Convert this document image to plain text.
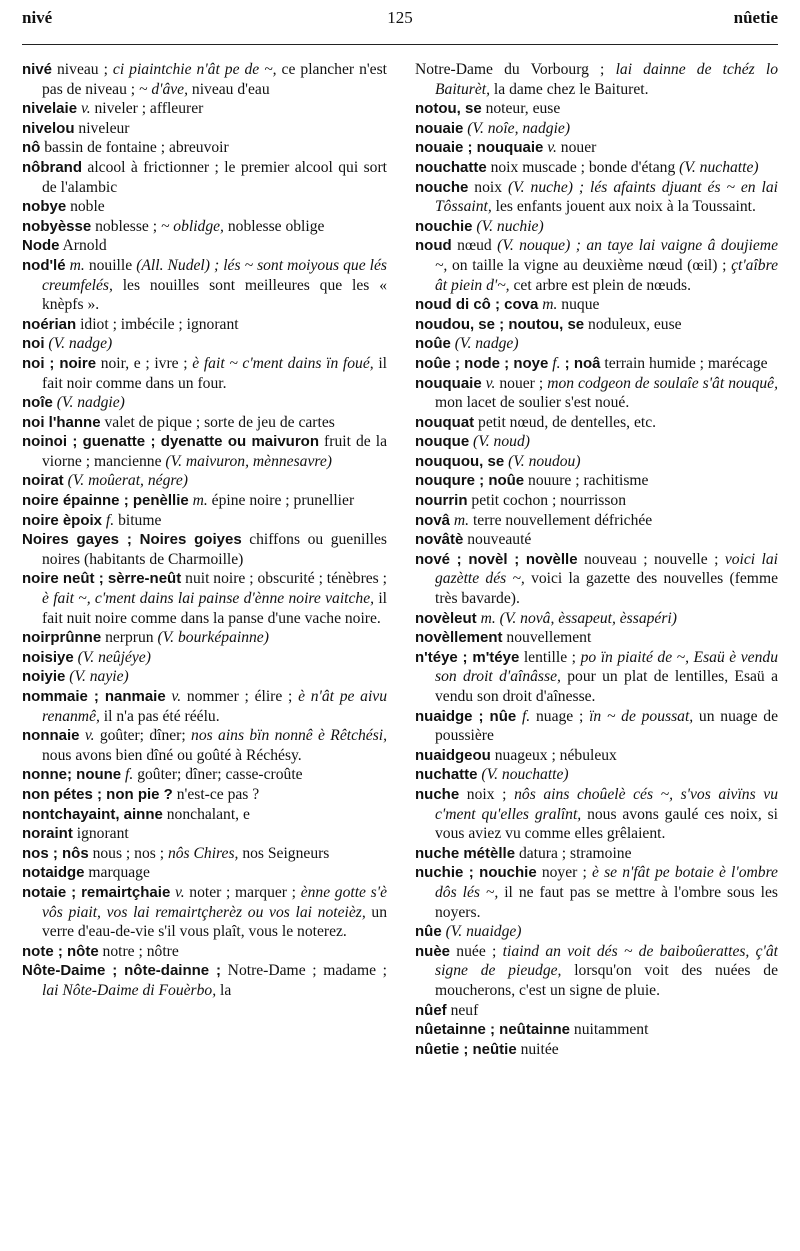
nivé	125	nûetie

nivé niveau ; ci piaintchie n'ât pe de ~, ce plancher n'est pas de niveau ; ~ d'âve, niveau d'eau

nivelaie v. niveler ; affleurer

nivelou niveleur

nô bassin de fontaine ; abreuvoir

nôbrand alcool à frictionner ; le premier alcool qui sort de l'alambic

nobye noble

nobyèsse noblesse ; ~ oblidge, noblesse oblige

Node Arnold

nod'lé m. nouille (All. Nudel) ; lés ~ sont moiyous que lés creumfelés, les nouilles sont meilleures que les « knèpfs ».

noérian idiot ; imbécile ; ignorant

noi (V. nadge)

noi ; noire noir, e ; ivre ; è fait ~ c'ment dains ïn foué, il fait noir comme dans un four.

noîe (V. nadgie)

noi l'hanne valet de pique ; sorte de jeu de cartes

noinoi ; guenatte ; dyenatte ou maivuron fruit de la viorne ; mancienne (V. maivuron, mènnesavre)

noirat (V. moûerat, négre)

noire épainne ; penèllie m. épine noire ; prunellier

noire èpoix f. bitume

Noires gayes ; Noires goiyes chiffons ou guenilles noires (habitants de Charmoille)

noire neût ; sèrre-neût nuit noire ; obscurité ; ténèbres ; è fait ~, c'ment dains lai painse d'ènne noire vaitche, il fait nuit noire comme dans la panse d'une vache noire.

noirprûnne nerprun (V. bourképainne)

noisiye (V. neûjéye)

noiyie (V. nayie)

nommaie ; nanmaie v. nommer ; élire ; è n'ât pe aivu renanmê, il n'a pas été réélu.

nonnaie v. goûter; dîner; nos ains bïn nonnê è Rêtchési, nous avons bien dîné ou goûté à Réchésy.

nonne; noune f. goûter; dîner; casse-croûte

non pétes ; non pie ? n'est-ce pas ?

nontchayaint, ainne nonchalant, e

noraint ignorant

nos ; nôs nous ; nos ; nôs Chires, nos Seigneurs

notaidge marquage

notaie ; remairtçhaie v. noter ; marquer ; ènne gotte s'è vôs piait, vos lai remairtçherèz ou vos lai noteièz, un verre d'eau-de-vie s'il vous plaît, vous le noterez.

note ; nôte notre ; nôtre

Nôte-Daime ; nôte-dainne ; Notre-Dame ; madame ; lai Nôte-Daime di Fouèrbo, la

Notre-Dame du Vorbourg ; lai dainne de tchéz lo Baiturèt, la dame chez le Baituret.

notou, se noteur, euse

nouaie (V. noîe, nadgie)

nouaie ; nouquaie v. nouer

nouchatte noix muscade ; bonde d'étang (V. nuchatte)

nouche noix (V. nuche) ; lés afaints djuant és ~ en lai Tôssaint, les enfants jouent aux noix à la Toussaint.

nouchie (V. nuchie)

noud nœud (V. nouque) ; an taye lai vaigne â doujieme ~, on taille la vigne au deuxième nœud (œil) ; çt'aîbre ât piein d'~, cet arbre est plein de nœuds.

noud di cô ; cova m. nuque

noudou, se ; noutou, se noduleux, euse

noûe (V. nadge)

noûe ; node ; noye f. ; noâ terrain humide ; marécage

nouquaie v. nouer ; mon codgeon de soulaîe s'ât nouquê, mon lacet de soulier s'est noué.

nouquat petit nœud, de dentelles, etc.

nouque (V. noud)

nouquou, se (V. noudou)

nouqure ; noûe nouure ; rachitisme

nourrin petit cochon ; nourrisson

novâ m. terre nouvellement défrichée

novâtè nouveauté

nové ; novèl ; novèlle nouveau ; nouvelle ; voici lai gazètte dés ~, voici la gazette des nouvelles (femme très bavarde).

novèleut m. (V. novâ, èssapeut, èssapéri)

novèllement nouvellement

n'téye ; m'téye lentille ; po ïn piaité de ~, Esaü è vendu son droit d'aînâsse, pour un plat de lentilles, Esaü a vendu son droit d'aînesse.

nuaidge ; nûe f. nuage ; ïn ~ de poussat, un nuage de poussière

nuaidgeou nuageux ; nébuleux

nuchatte (V. nouchatte)

nuche noix ; nôs ains choûelè cés ~, s'vos aivïns vu c'ment qu'elles gralînt, nous avons gaulé ces noix, si vous aviez vu comme elles grêlaient.

nuche métèlle datura ; stramoine

nuchie ; nouchie noyer ; è se n'fât pe botaie è l'ombre dôs lés ~, il ne faut pas se mettre à l'ombre sous les noyers.

nûe (V. nuaidge)

nuèe nuée ; tiaind an voit dés ~ de baiboûerattes, ç'ât signe de pieudge, lorsqu'on voit des nuées de moucherons, c'est un signe de pluie.

nûef neuf

nûetainne ; neûtainne nuitamment

nûetie ; neûtie nuitée
